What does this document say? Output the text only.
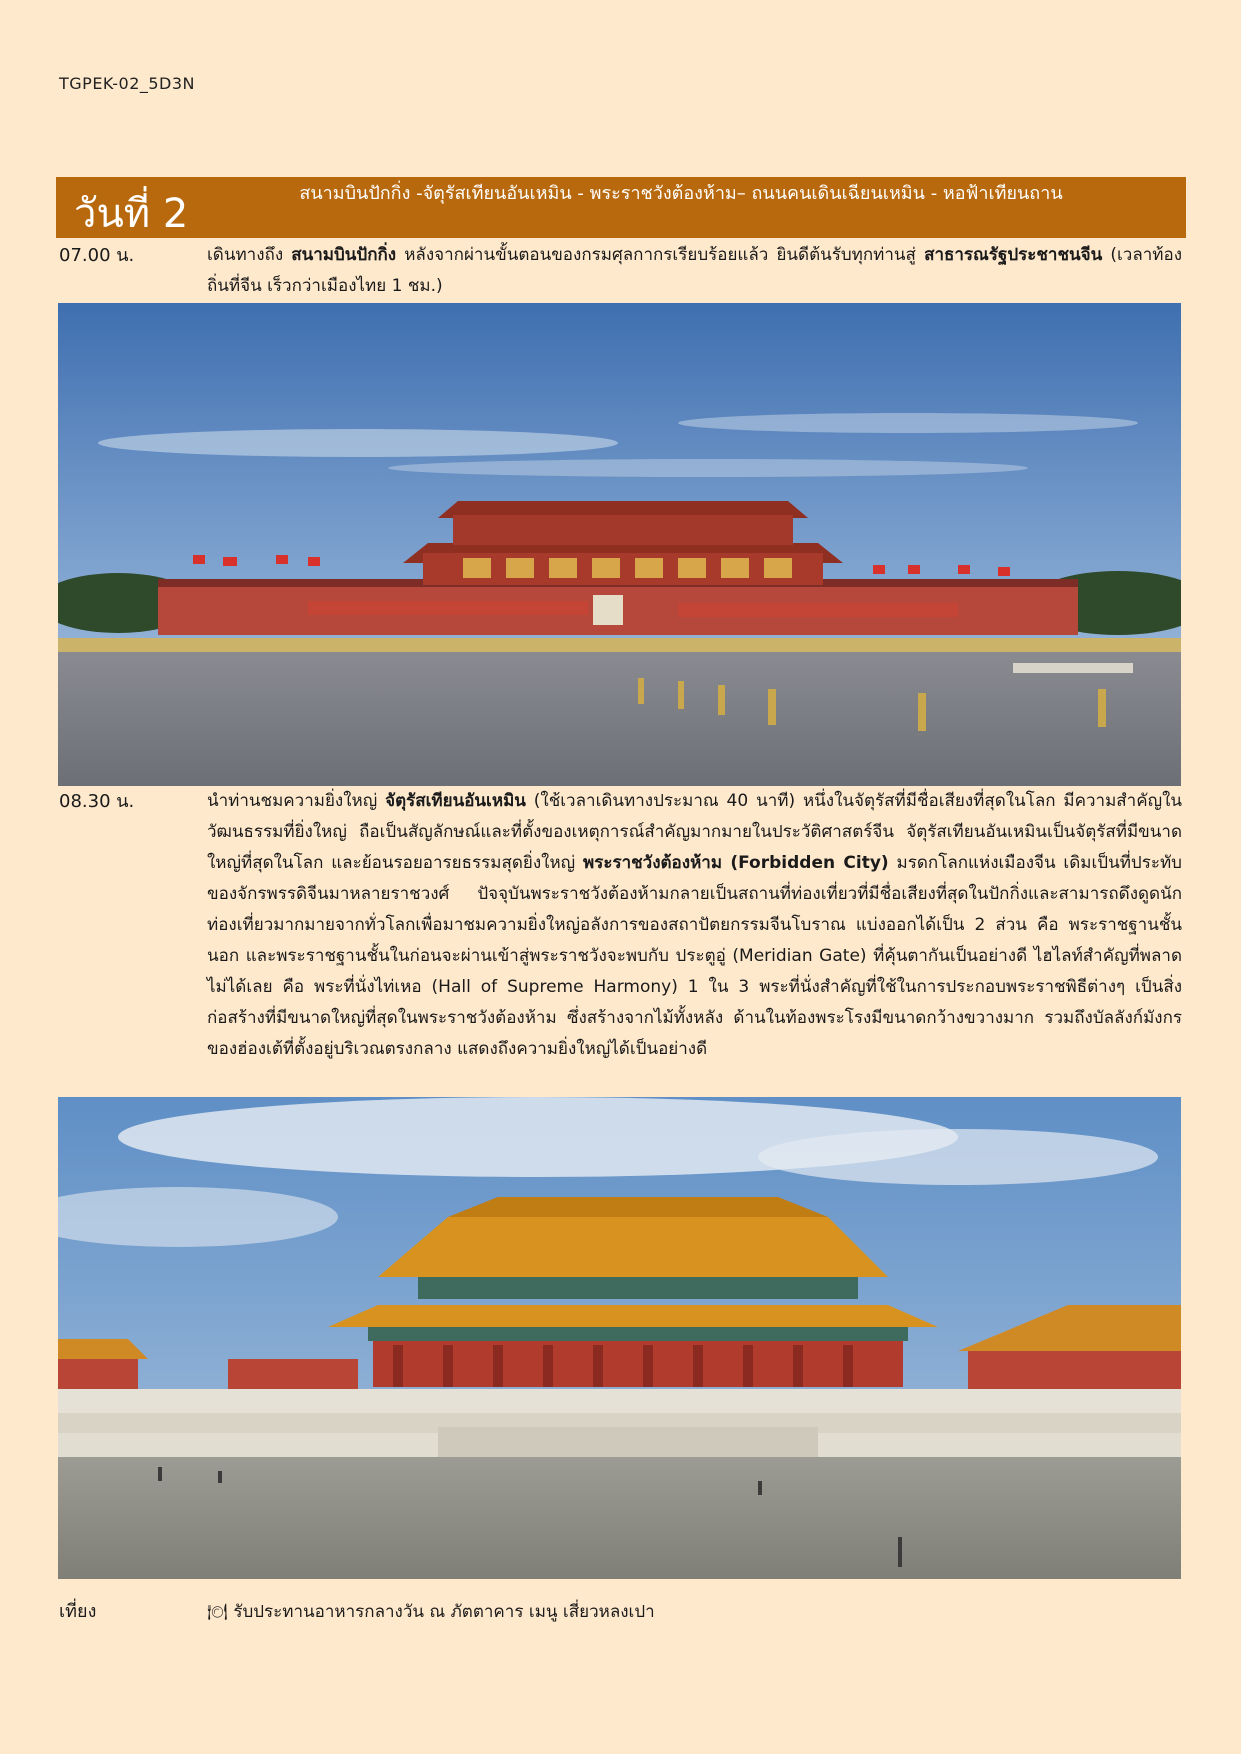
TGPEK-02_5D3N
สนามบินปักกิ่ง -จัตุรัสเทียนอันเหมิน - พระราชวังต้องห้าม– ถนนคนเดินเฉียนเหมิน - หอฟ้าเทียนถาน
วันที่ 2
07.00 น.	เดินทางถึง สนามบินปักกิ่ง หลังจากผ่านขั้นตอนของกรมศุลกากรเรียบร้อยแล้ว ยินดีต้นรับทุกท่านสู่ สาธารณรัฐประชาชนจีน (เวลาท้องถิ่นที่จีน เร็วกว่าเมืองไทย 1 ชม.)
08.30 น.	นำท่านชมความยิ่งใหญ่ จัตุรัสเทียนอันเหมิน (ใช้เวลาเดินทางประมาณ 40 นาที) หนึ่งในจัตุรัสที่มีชื่อเสียงที่สุดในโลก มีความสำคัญในวัฒนธรรมที่ยิ่งใหญ่ ถือเป็นสัญลักษณ์และที่ตั้งของเหตุการณ์สำคัญมากมายในประวัติศาสตร์จีน จัตุรัสเทียนอันเหมินเป็นจัตุรัสที่มีขนาดใหญ่ที่สุดในโลก และย้อนรอยอารยธรรมสุดยิ่งใหญ่ พระราชวังต้องห้าม (Forbidden City) มรดกโลกแห่งเมืองจีน เดิมเป็นที่ประทับของจักรพรรดิจีนมาหลายราชวงศ์ ปัจจุบันพระราชวังต้องห้ามกลายเป็นสถานที่ท่องเที่ยวที่มีชื่อเสียงที่สุดในปักกิ่งและสามารถดึงดูดนักท่องเที่ยวมากมายจากทั่วโลกเพื่อมาชมความยิ่งใหญ่อลังการของสถาปัตยกรรมจีนโบราณ แบ่งออกได้เป็น 2 ส่วน คือ พระราชฐานชั้นนอก และพระราชฐานชั้นในก่อนจะผ่านเข้าสู่พระราชวังจะพบกับ ประตูอู่ (Meridian Gate) ที่คุ้นตากันเป็นอย่างดี ไฮไลท์สำคัญที่พลาดไม่ได้เลย คือ พระที่นั่งไท่เหอ (Hall of Supreme Harmony) 1 ใน 3 พระที่นั่งสำคัญที่ใช้ในการประกอบพระราชพิธีต่างๆ เป็นสิ่งก่อสร้างที่มีขนาดใหญ่ที่สุดในพระราชวังต้องห้าม ซึ่งสร้างจากไม้ทั้งหลัง ด้านในท้องพระโรงมีขนาดกว้างขวางมาก รวมถึงบัลลังก์มังกรของฮ่องเต้ที่ตั้งอยู่บริเวณตรงกลาง แสดงถึงความยิ่งใหญ่ได้เป็นอย่างดี
เที่ยง	🍽 รับประทานอาหารกลางวัน ณ ภัตตาคาร เมนู เสี่ยวหลงเปา
